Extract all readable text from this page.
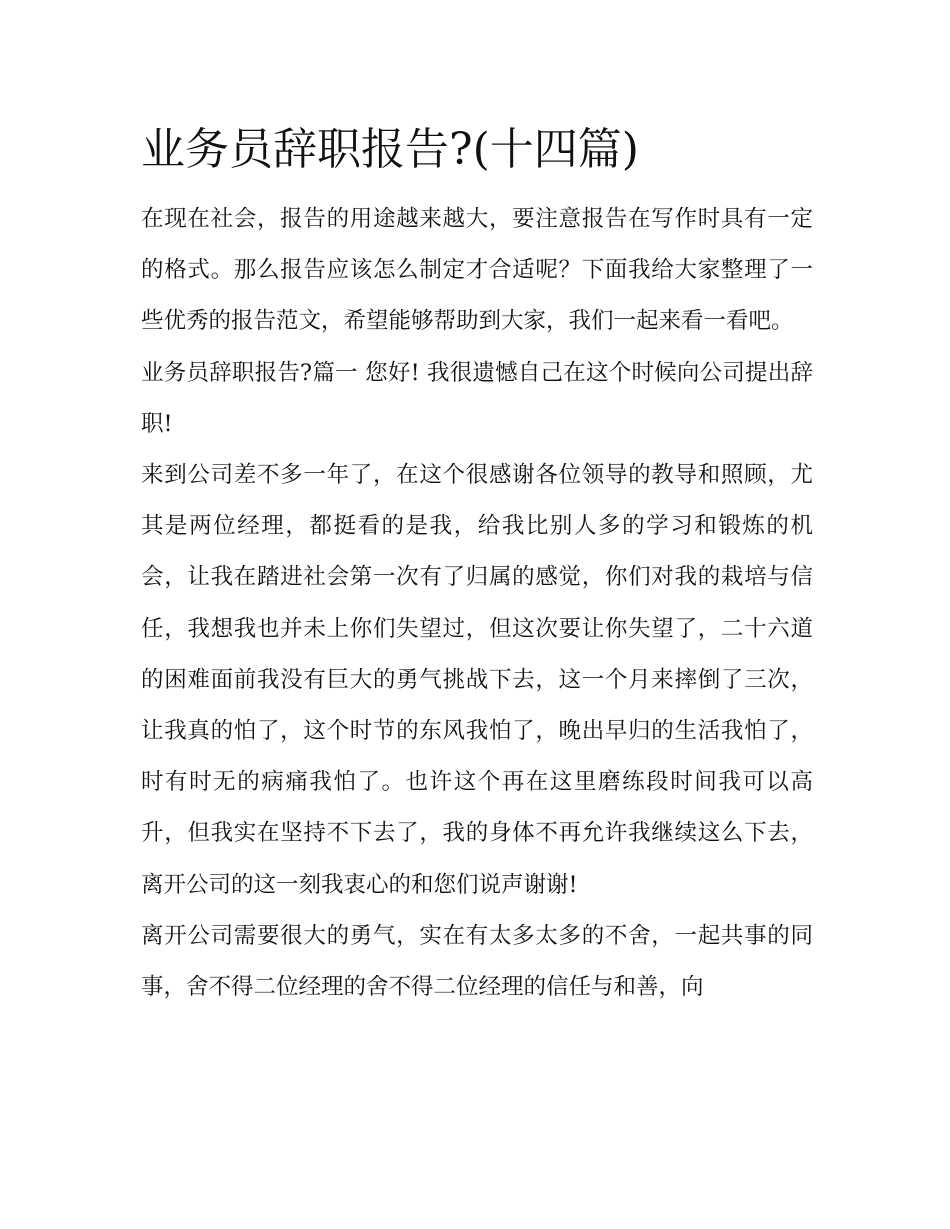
业务员辞职报告?(十四篇)

在现在社会，报告的用途越来越大，要注意报告在写作时具有一定的格式。那么报告应该怎么制定才合适呢？下面我给大家整理了一些优秀的报告范文，希望能够帮助到大家，我们一起来看一看吧。

业务员辞职报告?篇一 您好! 我很遗憾自己在这个时候向公司提出辞职!

来到公司差不多一年了，在这个很感谢各位领导的教导和照顾，尤其是两位经理，都挺看的是我，给我比别人多的学习和锻炼的机会，让我在踏进社会第一次有了归属的感觉，你们对我的栽培与信任，我想我也并未上你们失望过，但这次要让你失望了，二十六道的困难面前我没有巨大的勇气挑战下去，这一个月来摔倒了三次，让我真的怕了，这个时节的东风我怕了，晚出早归的生活我怕了，时有时无的病痛我怕了。也许这个再在这里磨练段时间我可以高升，但我实在坚持不下去了，我的身体不再允许我继续这么下去，离开公司的这一刻我衷心的和您们说声谢谢!

离开公司需要很大的勇气，实在有太多太多的不舍，一起共事的同事，舍不得二位经理的舍不得二位经理的信任与和善，向
